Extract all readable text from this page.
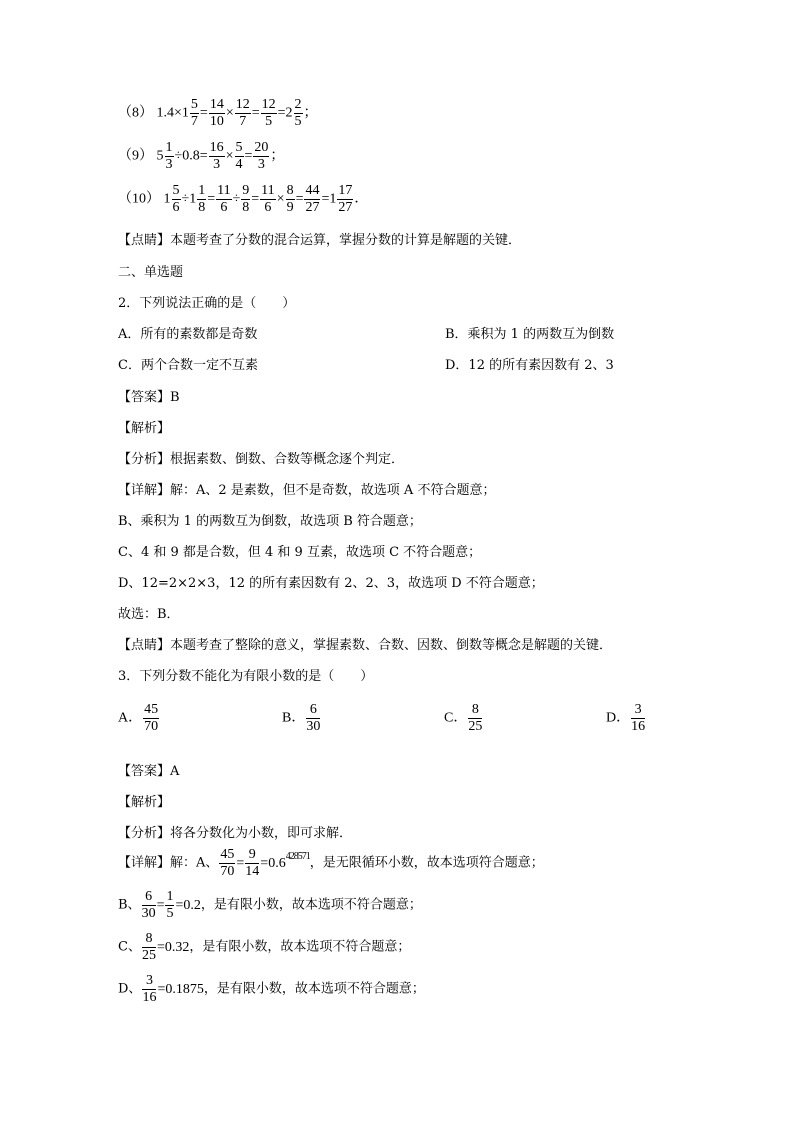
（8） $1.4\times 1 \frac{5}{7} = \frac{14}{10} \times \frac{12}{7} = \frac{12}{5} =2 \frac{2}{5}$ ；
（9） $5 \frac{1}{3} \div 0.8= \frac{16}{3} \times \frac{5}{4} = \frac{20}{3}$ ；
（10） $1 \frac{5}{6} \div 1 \frac{1}{8} = \frac{11}{6} \div \frac{9}{8} = \frac{11}{6} \times \frac{8}{9} = \frac{44}{27} =1 \frac{17}{27}$ ．
【点睛】本题考查了分数的混合运算，掌握分数的计算是解题的关键．
二、单选题
2．下列说法正确的是（　　）
A．所有的素数都是奇数	B．乘积为 1 的两数互为倒数
C．两个合数一定不互素	D．12 的所有素因数有 2、3
【答案】B
【解析】
【分析】根据素数、倒数、合数等概念逐个判定．
【详解】解：A、2 是素数，但不是奇数，故选项 A 不符合题意；
B、乘积为 1 的两数互为倒数，故选项 B 符合题意；
C、4 和 9 都是合数，但 4 和 9 互素，故选项 C 不符合题意；
D、12=2×2×3，12 的所有素因数有 2、2、3，故选项 D 不符合题意；
故选：B．
【点睛】本题考查了整除的意义，掌握素数、合数、因数、倒数等概念是解题的关键．
3．下列分数不能化为有限小数的是（　　）
A． $\frac{45}{70}$	B． $\frac{6}{30}$	C． $\frac{8}{25}$	D． $\frac{3}{16}$
【答案】A
【解析】
【分析】将各分数化为小数，即可求解．
【详解】解：A、 $\frac{45}{70} = \frac{9}{14} =0.6^{428571}$，是无限循环小数，故本选项符合题意；
B、 $\frac{6}{30} = \frac{1}{5} =0.2$，是有限小数，故本选项不符合题意；
C、 $\frac{8}{25} =0.32$，是有限小数，故本选项不符合题意；
D、 $\frac{3}{16} =0.1875$，是有限小数，故本选项不符合题意；
